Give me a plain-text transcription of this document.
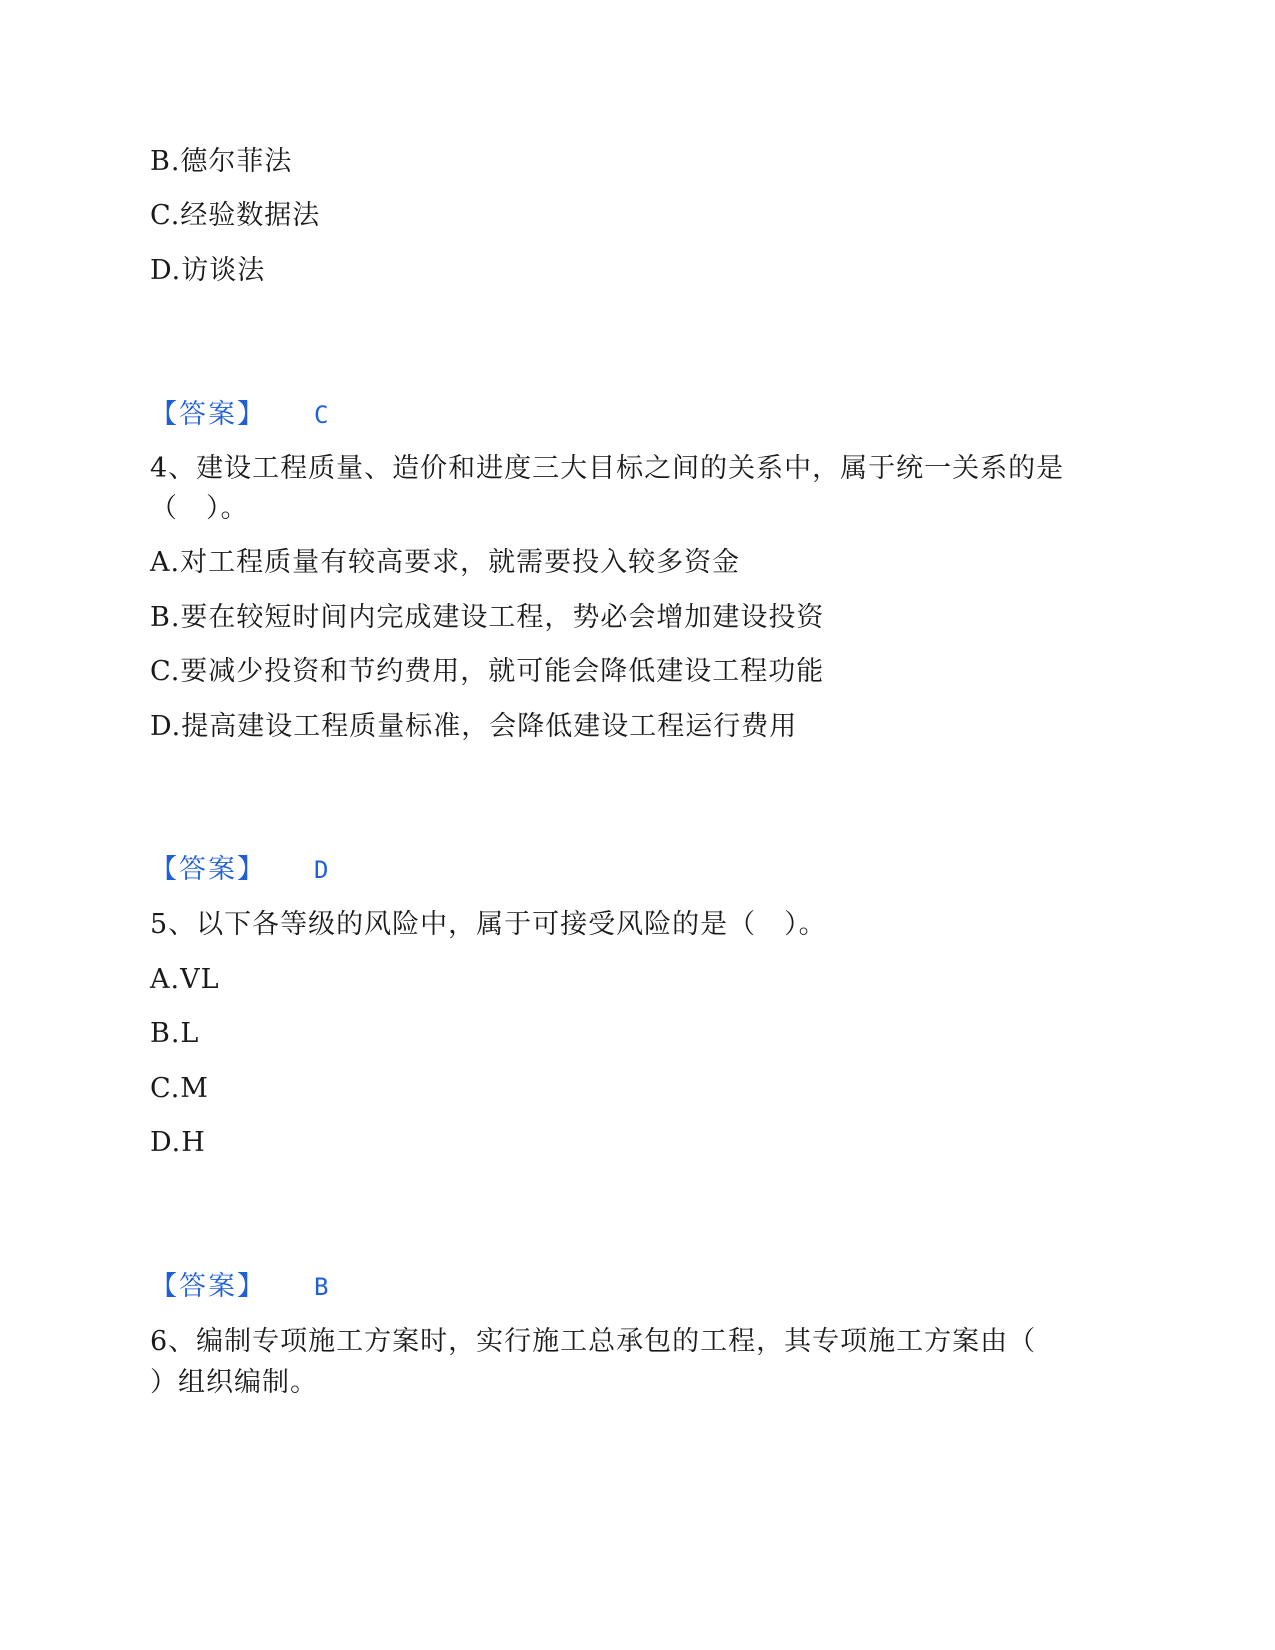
B.德尔菲法
C.经验数据法
D.访谈法
【答案】 C
4、建设工程质量、造价和进度三大目标之间的关系中，属于统一关系的是
（　）。
A.对工程质量有较高要求，就需要投入较多资金
B.要在较短时间内完成建设工程，势必会增加建设投资
C.要减少投资和节约费用，就可能会降低建设工程功能
D.提高建设工程质量标准，会降低建设工程运行费用
【答案】 D
5、以下各等级的风险中，属于可接受风险的是（　）。
A.VL
B.L
C.M
D.H
【答案】 B
6、编制专项施工方案时，实行施工总承包的工程，其专项施工方案由（
）组织编制。
